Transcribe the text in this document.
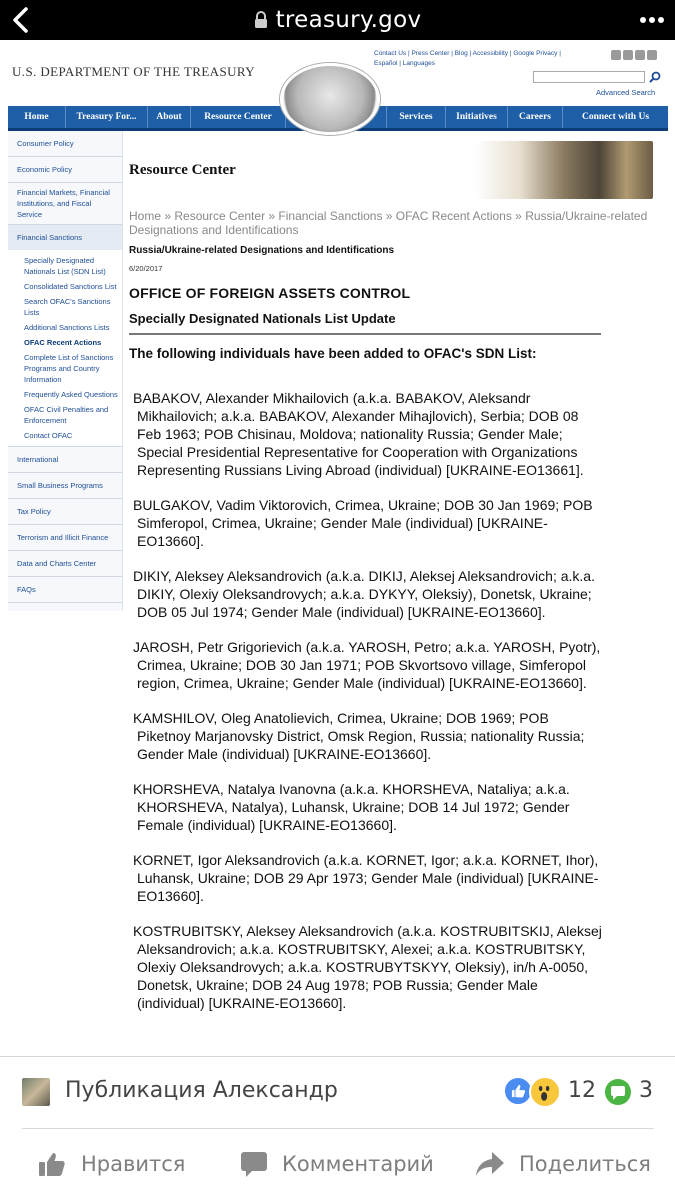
treasury.gov
U.S. DEPARTMENT OF THE TREASURY
Contact Us | Press Center | Blog | Accessibility | Google Privacy |
Español | Languages
Advanced Search
Home	Treasury For...	About	Resource Center	Services	Initiatives	Careers	Connect with Us
Consumer Policy
Economic Policy
Financial Markets, Financial Institutions, and Fiscal Service
Financial Sanctions
Specially Designated Nationals List (SDN List)
Consolidated Sanctions List
Search OFAC's Sanctions Lists
Additional Sanctions Lists
OFAC Recent Actions
Complete List of Sanctions Programs and Country Information
Frequently Asked Questions
OFAC Civil Penalties and Enforcement
Contact OFAC
International
Small Business Programs
Tax Policy
Terrorism and Illicit Finance
Data and Charts Center
FAQs
Resource Center
Home » Resource Center » Financial Sanctions » OFAC Recent Actions » Russia/Ukraine-related Designations and Identifications
Russia/Ukraine-related Designations and Identifications
6/20/2017
OFFICE OF FOREIGN ASSETS CONTROL
Specially Designated Nationals List Update
The following individuals have been added to OFAC's SDN List:

BABAKOV, Alexander Mikhailovich (a.k.a. BABAKOV, Aleksandr Mikhailovich; a.k.a. BABAKOV, Alexander Mihajlovich), Serbia; DOB 08 Feb 1963; POB Chisinau, Moldova; nationality Russia; Gender Male; Special Presidential Representative for Cooperation with Organizations Representing Russians Living Abroad (individual) [UKRAINE-EO13661].

BULGAKOV, Vadim Viktorovich, Crimea, Ukraine; DOB 30 Jan 1969; POB Simferopol, Crimea, Ukraine; Gender Male (individual) [UKRAINE-EO13660].

DIKIY, Aleksey Aleksandrovich (a.k.a. DIKIJ, Aleksej Aleksandrovich; a.k.a. DIKIY, Olexiy Oleksandrovych; a.k.a. DYKYY, Oleksiy), Donetsk, Ukraine; DOB 05 Jul 1974; Gender Male (individual) [UKRAINE-EO13660].

JAROSH, Petr Grigorievich (a.k.a. YAROSH, Petro; a.k.a. YAROSH, Pyotr), Crimea, Ukraine; DOB 30 Jan 1971; POB Skvortsovo village, Simferopol region, Crimea, Ukraine; Gender Male (individual) [UKRAINE-EO13660].

KAMSHILOV, Oleg Anatolievich, Crimea, Ukraine; DOB 1969; POB Piketnoy Marjanovsky District, Omsk Region, Russia; nationality Russia; Gender Male (individual) [UKRAINE-EO13660].

KHORSHEVA, Natalya Ivanovna (a.k.a. KHORSHEVA, Nataliya; a.k.a. KHORSHEVA, Natalya), Luhansk, Ukraine; DOB 14 Jul 1972; Gender Female (individual) [UKRAINE-EO13660].

KORNET, Igor Aleksandrovich (a.k.a. KORNET, Igor; a.k.a. KORNET, Ihor), Luhansk, Ukraine; DOB 29 Apr 1973; Gender Male (individual) [UKRAINE-EO13660].

KOSTRUBITSKY, Aleksey Aleksandrovich (a.k.a. KOSTRUBITSKIJ, Aleksej Aleksandrovich; a.k.a. KOSTRUBITSKY, Alexei; a.k.a. KOSTRUBITSKY, Olexiy Oleksandrovych; a.k.a. KOSTRUBYTSKYY, Oleksiy), in/h A-0050, Donetsk, Ukraine; DOB 24 Aug 1978; POB Russia; Gender Male (individual) [UKRAINE-EO13660].

Публикация Александр	12 3
Нравится	Комментарий	Поделиться
